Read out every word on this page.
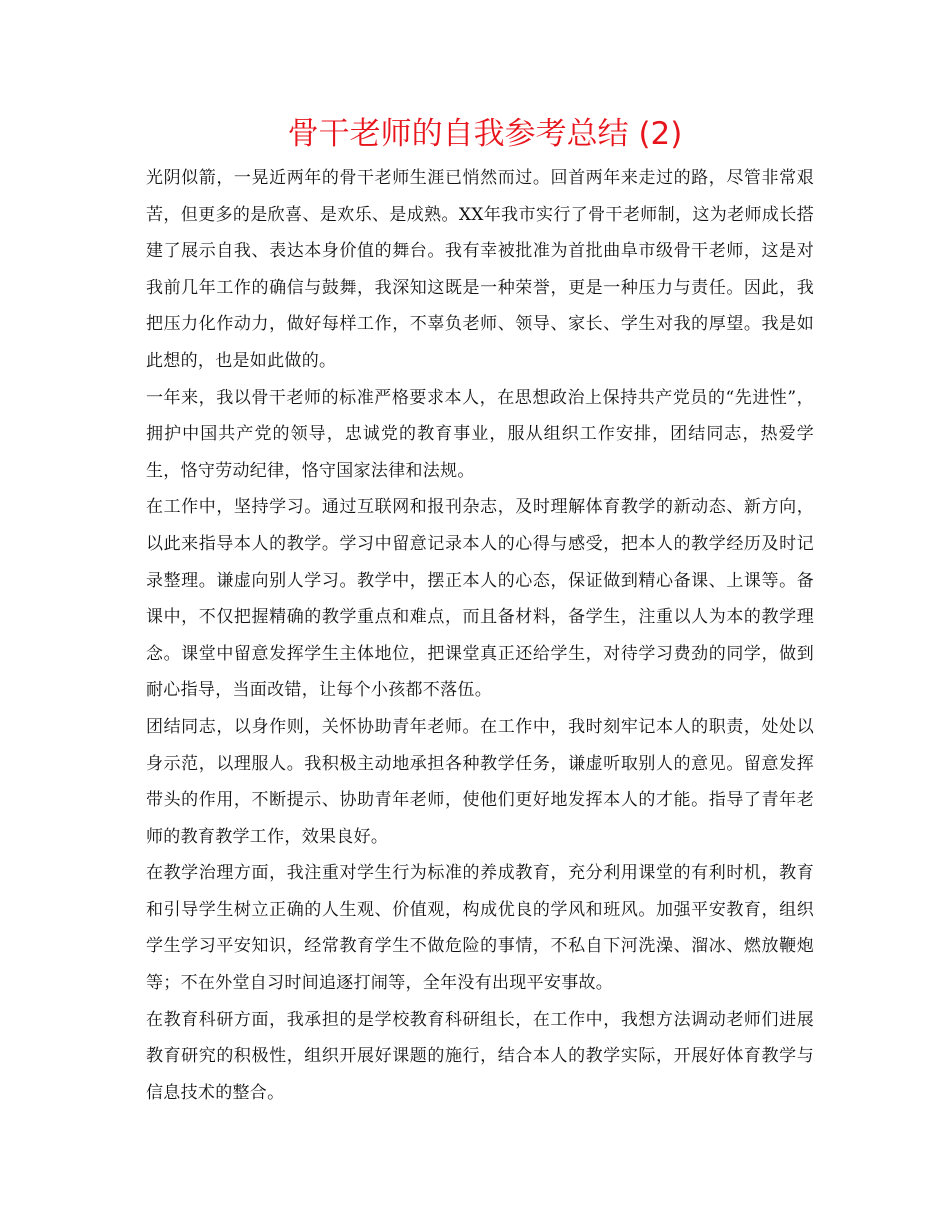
骨干老师的自我参考总结 (2)

光阴似箭，一晃近两年的骨干老师生涯已悄然而过。回首两年来走过的路，尽管非常艰苦，但更多的是欣喜、是欢乐、是成熟。XX年我市实行了骨干老师制，这为老师成长搭建了展示自我、表达本身价值的舞台。我有幸被批准为首批曲阜市级骨干老师，这是对我前几年工作的确信与鼓舞，我深知这既是一种荣誉，更是一种压力与责任。因此，我把压力化作动力，做好每样工作，不辜负老师、领导、家长、学生对我的厚望。我是如此想的，也是如此做的。

一年来，我以骨干老师的标准严格要求本人，在思想政治上保持共产党员的“先进性”，拥护中国共产党的领导，忠诚党的教育事业，服从组织工作安排，团结同志，热爱学生，恪守劳动纪律，恪守国家法律和法规。

在工作中，坚持学习。通过互联网和报刊杂志，及时理解体育教学的新动态、新方向，以此来指导本人的教学。学习中留意记录本人的心得与感受，把本人的教学经历及时记录整理。谦虚向别人学习。教学中，摆正本人的心态，保证做到精心备课、上课等。备课中，不仅把握精确的教学重点和难点，而且备材料，备学生，注重以人为本的教学理念。课堂中留意发挥学生主体地位，把课堂真正还给学生，对待学习费劲的同学，做到耐心指导，当面改错，让每个小孩都不落伍。

团结同志，以身作则，关怀协助青年老师。在工作中，我时刻牢记本人的职责，处处以身示范，以理服人。我积极主动地承担各种教学任务，谦虚听取别人的意见。留意发挥带头的作用，不断提示、协助青年老师，使他们更好地发挥本人的才能。指导了青年老师的教育教学工作，效果良好。

在教学治理方面，我注重对学生行为标准的养成教育，充分利用课堂的有利时机，教育和引导学生树立正确的人生观、价值观，构成优良的学风和班风。加强平安教育，组织学生学习平安知识，经常教育学生不做危险的事情，不私自下河洗澡、溜冰、燃放鞭炮等；不在外堂自习时间追逐打闹等，全年没有出现平安事故。

在教育科研方面，我承担的是学校教育科研组长，在工作中，我想方法调动老师们进展教育研究的积极性，组织开展好课题的施行，结合本人的教学实际，开展好体育教学与信息技术的整合。
